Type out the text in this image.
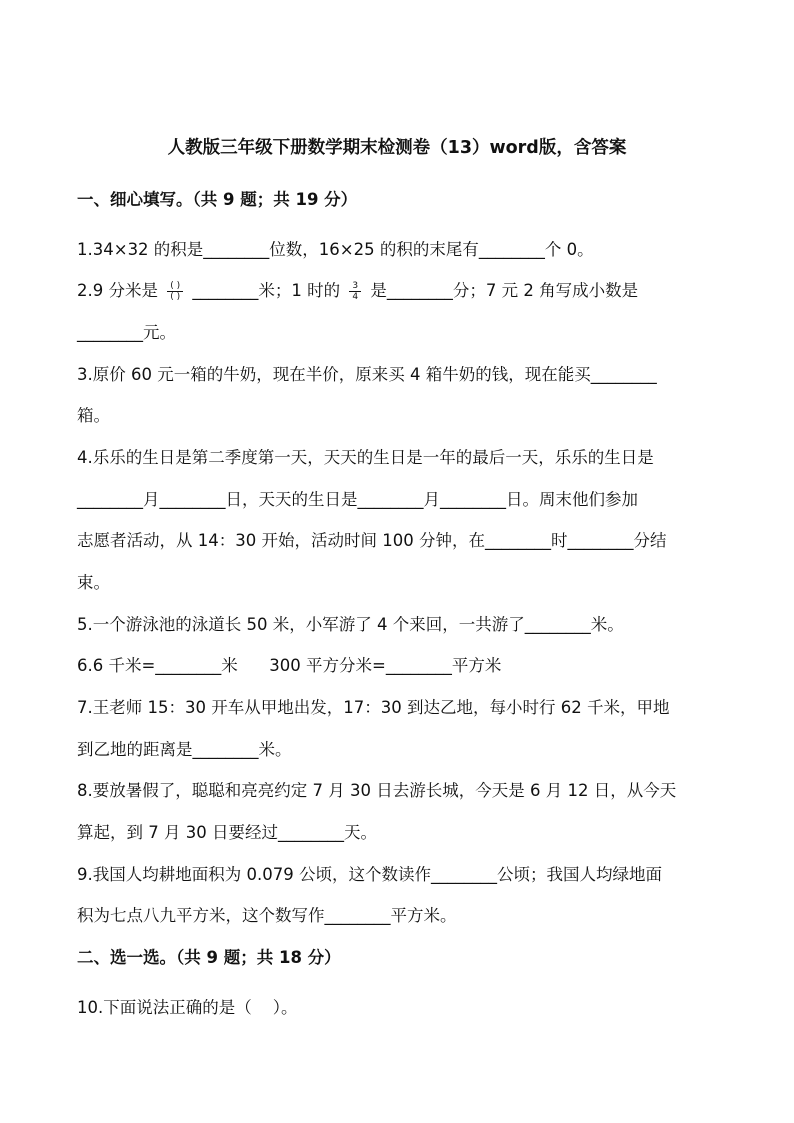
人教版三年级下册数学期末检测卷（13）word版，含答案
一、细心填写。（共 9 题；共 19 分）
1.34×32 的积是________位数，16×25 的积的末尾有________个 0。
2.9 分米是 $\frac{( )}{( )}$ ________米；1 时的 $\frac{3}{4}$ 是________分；7 元 2 角写成小数是
________元。
3.原价 60 元一箱的牛奶，现在半价，原来买 4 箱牛奶的钱，现在能买________
箱。
4.乐乐的生日是第二季度第一天，天天的生日是一年的最后一天，乐乐的生日是
________月________日，天天的生日是________月________日。周末他们参加
志愿者活动，从 14：30 开始，活动时间 100 分钟，在________时________分结
束。
5.一个游泳池的泳道长 50 米，小军游了 4 个来回，一共游了________米。
6.6 千米=________米      300 平方分米=________平方米
7.王老师 15：30 开车从甲地出发，17：30 到达乙地，每小时行 62 千米，甲地
到乙地的距离是________米。
8.要放暑假了，聪聪和亮亮约定 7 月 30 日去游长城，今天是 6 月 12 日，从今天
算起，到 7 月 30 日要经过________天。
9.我国人均耕地面积为 0.079 公顷，这个数读作________公顷；我国人均绿地面
积为七点八九平方米，这个数写作________平方米。
二、选一选。（共 9 题；共 18 分）
10.下面说法正确的是（    ）。
